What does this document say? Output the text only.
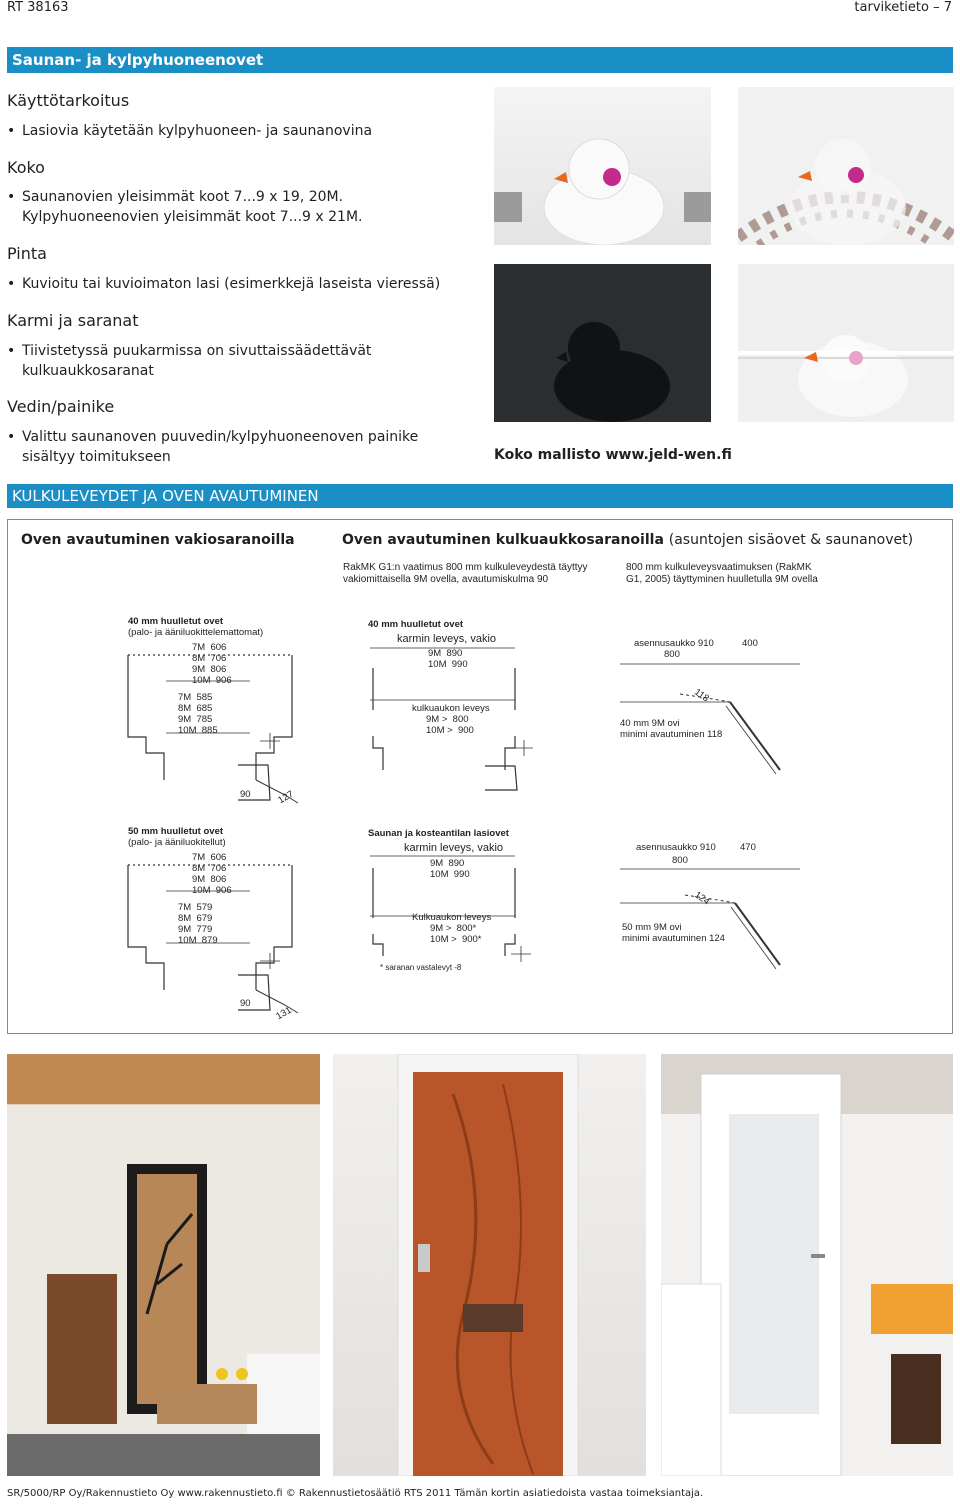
RT 38163	tarviketieto – 7
Saunan- ja kylpyhuoneenovet
Käyttötarkoitus
• Lasiovia käytetään kylpyhuoneen- ja saunanovina
Koko
• Saunanovien yleisimmät koot 7...9 x 19, 20M. Kylpyhuoneenovien yleisimmät koot 7...9 x 21M.
Pinta
• Kuvioitu tai kuvioimaton lasi (esimerkkejä laseista vieressä)
Karmi ja saranat
• Tiivistetyssä puukarmissa on sivuttaissäädettävät kulkuaukkosaranat
Vedin/painike
• Valittu saunanoven puuvedin/kylpyhuoneenoven painike sisältyy toimitukseen	Koko mallisto www.jeld-wen.fi
KULKULEVEYDET JA OVEN AVAUTUMINEN
Oven avautuminen vakiosaranoilla	Oven avautuminen kulkuaukkosaranoilla (asuntojen sisäovet & saunanovet)
RakMK G1:n vaatimus 800 mm kulkuleveydestä täyttyy vakiomittaisella 9M ovella, avautumiskulma 90
800 mm kulkuleveysvaatimuksen (RakMK G1, 2005) täyttyminen huulletulla 9M ovella
40 mm huulletut ovet
(palo- ja ääniluokittelemattomat)
7M  606
8M  706
9M  806
10M  906
7M  585
8M  685
9M  785
10M  885
90	127
40 mm huulletut ovet
karmin leveys, vakio
9M  890
10M  990
kulkuaukon leveys
9M >  800
10M >  900
asennusaukko 910
800
400
118
40 mm 9M ovi
minimi avautuminen 118
50 mm huulletut ovet
(palo- ja ääniluokitellut)
7M  606
8M  706
9M  806
10M  906
7M  579
8M  679
9M  779
10M  879
90
131
Saunan ja kosteantilan lasiovet
karmin leveys, vakio
9M  890
10M  990
Kulkuaukon leveys
9M >  800*
10M >  900*
* saranan vastalevyt -8
asennusaukko 910
800
470
124
50 mm 9M ovi
minimi avautuminen 124
SR/5000/RP Oy/Rakennustieto Oy www.rakennustieto.fi © Rakennustietosäätiö RTS 2011 Tämän kortin asiatiedoista vastaa toimeksiantaja.
